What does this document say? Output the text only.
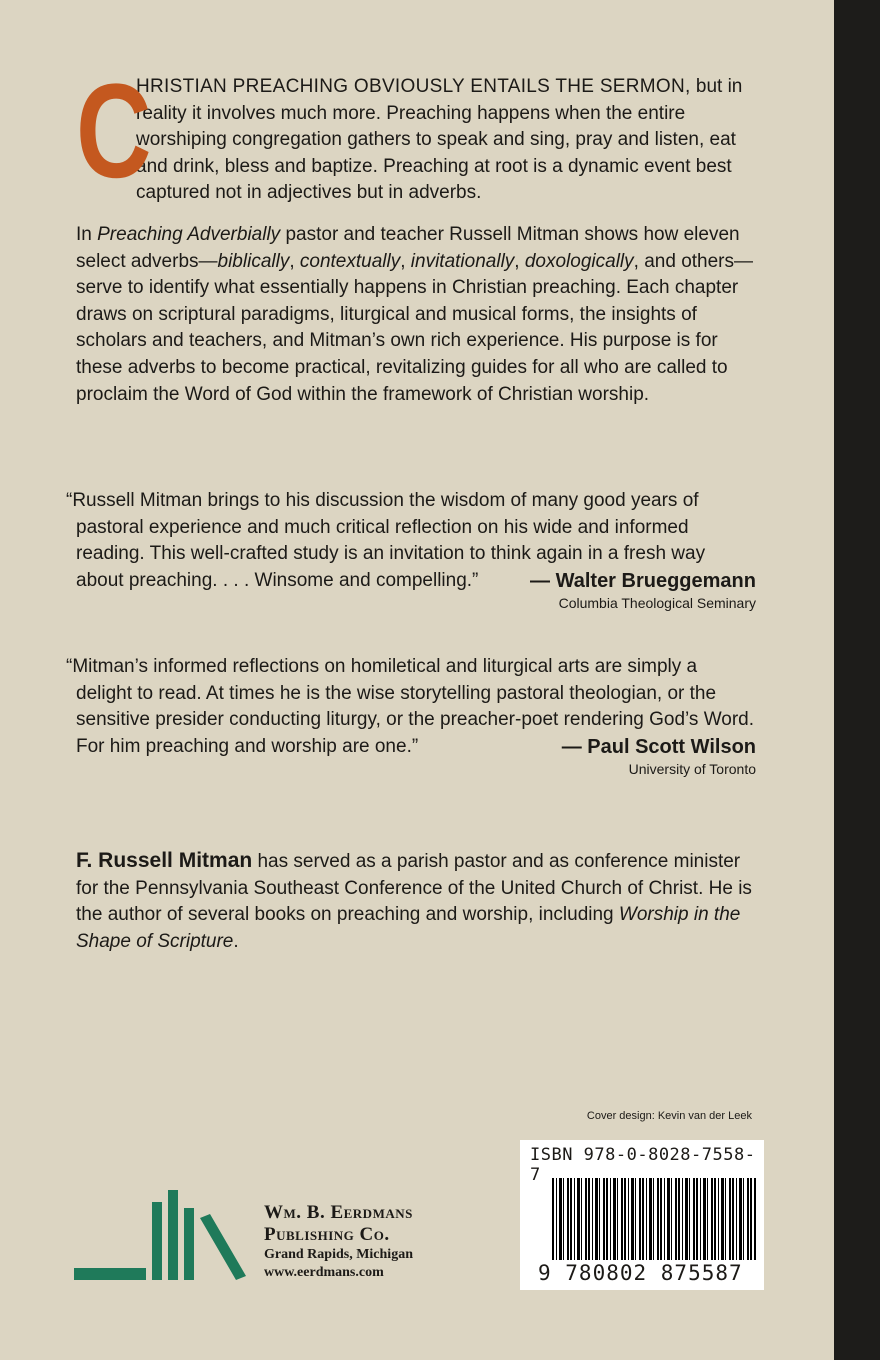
C
HRISTIAN PREACHING OBVIOUSLY ENTAILS THE SERMON, but in reality it involves much more. Preaching happens when the entire worshiping congregation gathers to speak and sing, pray and listen, eat and drink, bless and baptize. Preaching at root is a dynamic event best captured not in adjectives but in adverbs.
In Preaching Adverbially pastor and teacher Russell Mitman shows how eleven select adverbs—biblically, contextually, invitationally, doxologically, and others—serve to identify what essentially happens in Christian preaching. Each chapter draws on scriptural paradigms, liturgical and musical forms, the insights of scholars and teachers, and Mitman’s own rich experience. His purpose is for these adverbs to become practical, revitalizing guides for all who are called to proclaim the Word of God within the framework of Christian worship.
“Russell Mitman brings to his discussion the wisdom of many good years of pastoral experience and much critical reflection on his wide and informed reading. This well-crafted study is an invitation to think again in a fresh way about preaching. . . . Winsome and compelling.”	— Walter Brueggemann
Columbia Theological Seminary
“Mitman’s informed reflections on homiletical and liturgical arts are simply a delight to read. At times he is the wise storytelling pastoral theologian, or the sensitive presider conducting liturgy, or the preacher-poet rendering God’s Word. For him preaching and worship are one.”	— Paul Scott Wilson
University of Toronto
F. Russell Mitman has served as a parish pastor and as conference minister for the Pennsylvania Southeast Conference of the United Church of Christ. He is the author of several books on preaching and worship, including Worship in the Shape of Scripture.
Cover design: Kevin van der Leek
ISBN 978-0-8028-7558-7
9 780802 875587
Wm. B. Eerdmans
Publishing Co.
Grand Rapids, Michigan
www.eerdmans.com
